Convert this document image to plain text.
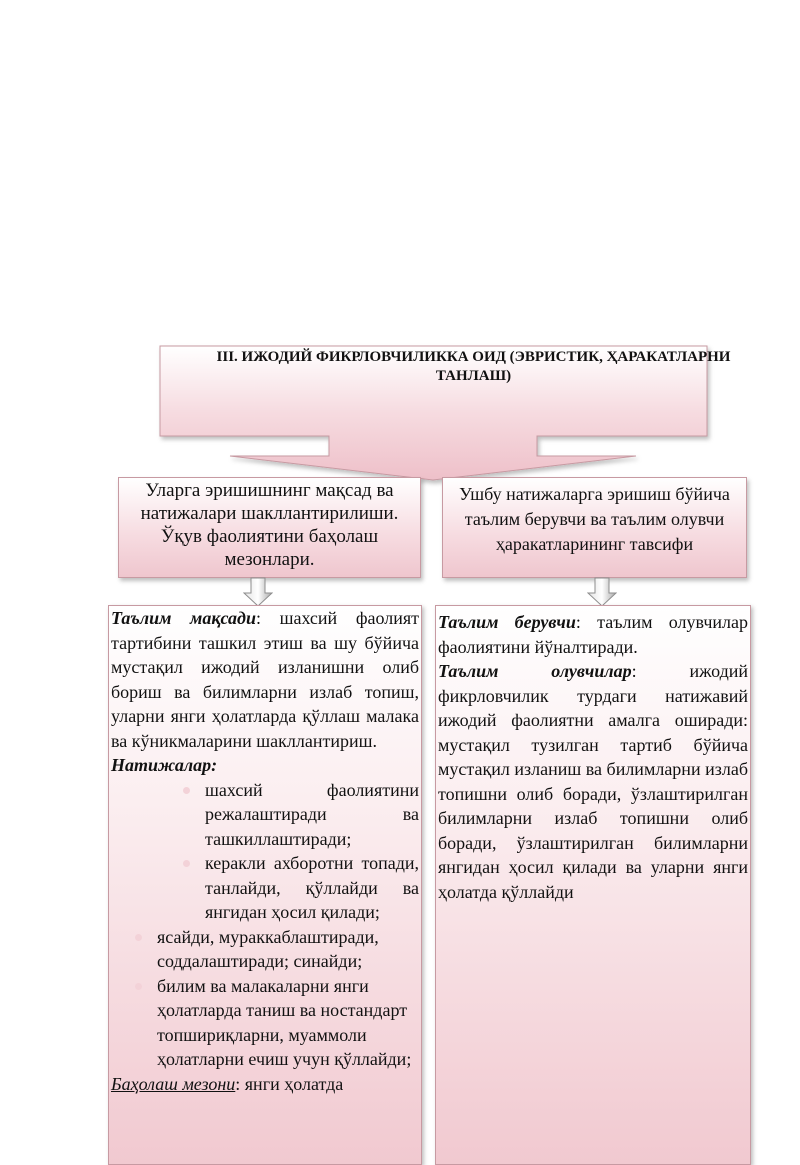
III. ИЖОДИЙ ФИКРЛОВЧИЛИККА ОИД (ЭВРИСТИК, ҲАРАКАТЛАРНИ ТАНЛАШ)
Уларга эришишнинг мақсад ва натижалари шакллантирилиши. Ўқув фаолиятини баҳолаш мезонлари.
Ушбу натижаларга эришиш бўйича таълим берувчи ва таълим олувчи ҳаракатларининг тавсифи

Таълим мақсади: шахсий фаолият тартибини ташкил этиш ва шу бўйича мустақил ижодий изланишни олиб бориш ва билимларни излаб топиш, уларни янги ҳолатларда қўллаш малака ва кўникмаларини шакллантириш.

Натижалар:

шахсий фаолиятини режалаштиради ва ташкиллаштиради;
керакли ахборотни топади, танлайди, қўллайди ва янгидан ҳосил қилади;
ясайди, мураккаблаштиради, соддалаштиради; синайди;
билим ва малакаларни янги ҳолатларда таниш ва ностандарт топшириқларни, муаммоли ҳолатларни ечиш учун қўллайди;

Баҳолаш мезони: янги ҳолатда

Таълим берувчи: таълим олувчилар фаолиятини йўналтиради.

Таълим олувчилар: ижодий фикрловчилик турдаги натижавий ижодий фаолиятни амалга оширади: мустақил тузилган тартиб бўйича мустақил изланиш ва билимларни излаб топишни олиб боради, ўзлаштирилган билимларни излаб топишни олиб боради, ўзлаштирилган билимларни янгидан ҳосил қилади ва уларни янги ҳолатда қўллайди
